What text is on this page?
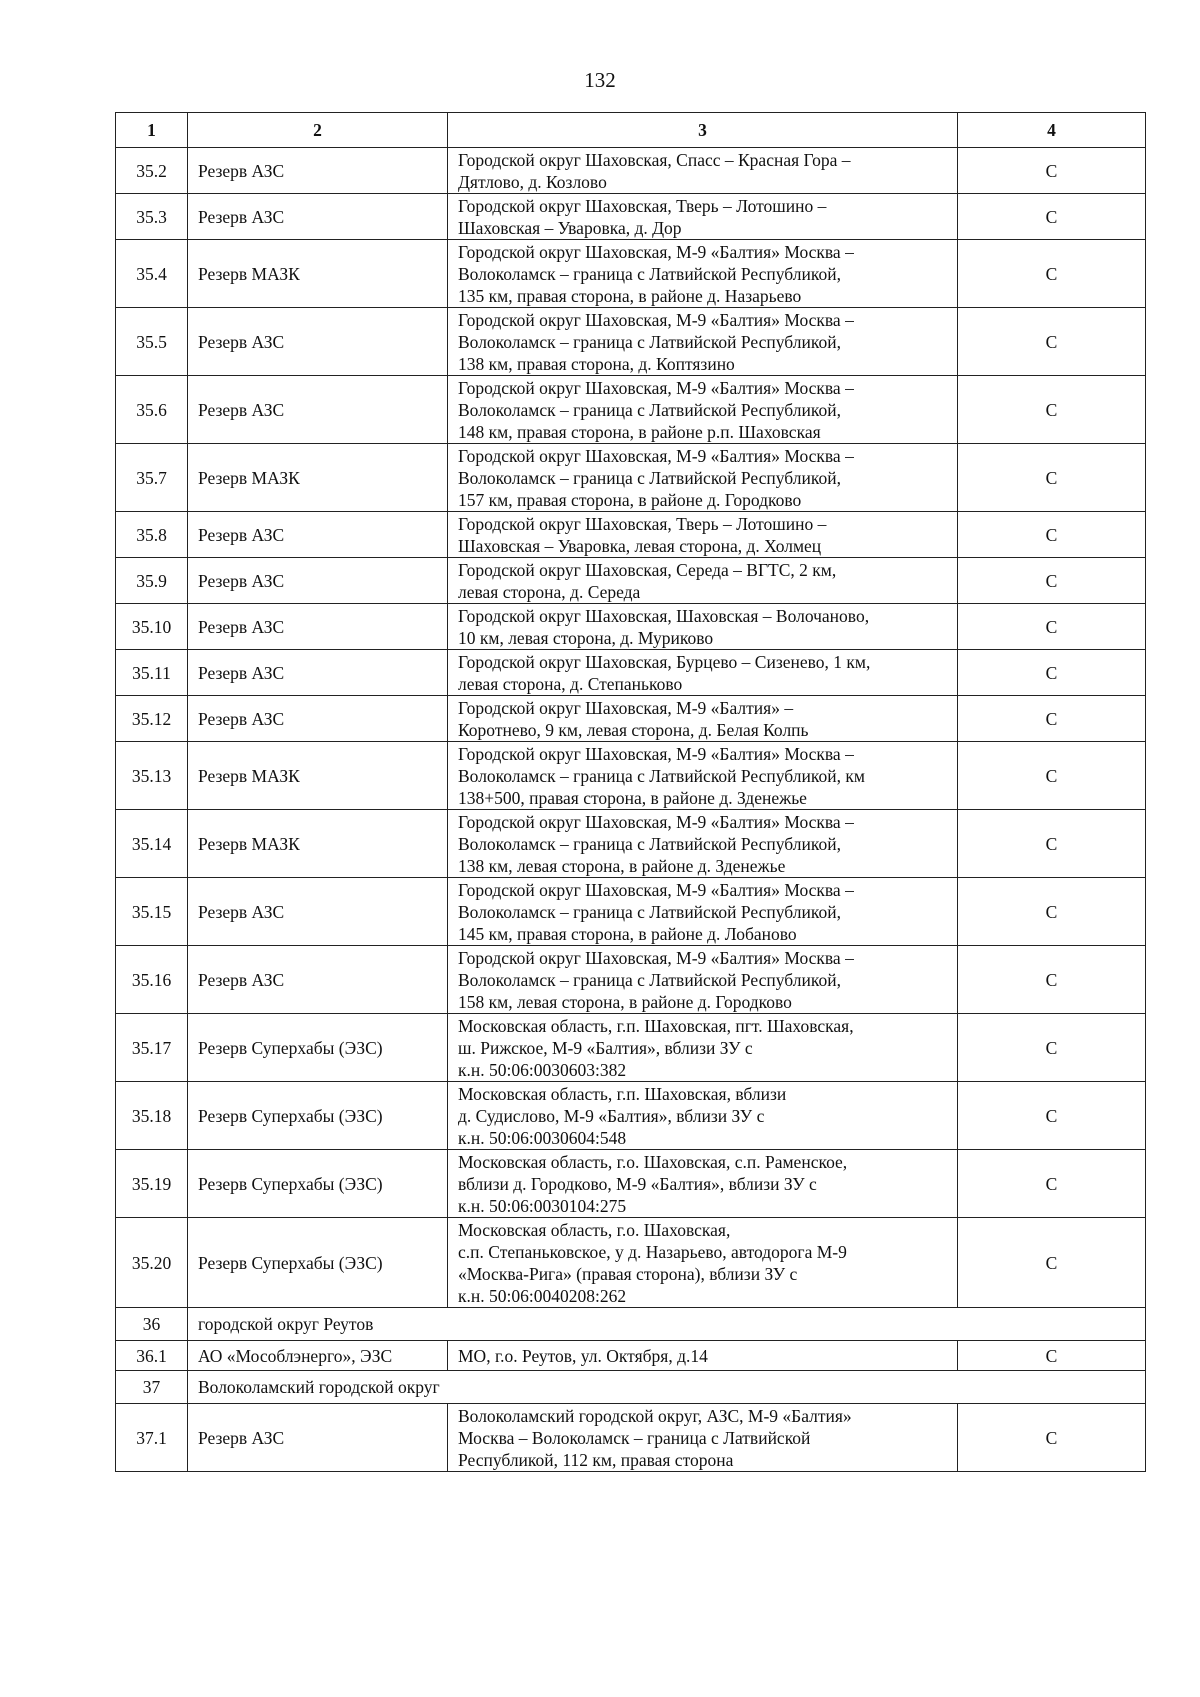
132
1	2	3	4
35.2	Резерв АЗС	Городской округ Шаховская, Спасс – Красная Гора –
Дятлово, д. Козлово	С
35.3	Резерв АЗС	Городской округ Шаховская, Тверь – Лотошино –
Шаховская – Уваровка, д. Дор	С
35.4	Резерв МАЗК	Городской округ Шаховская, М-9 «Балтия» Москва –
Волоколамск – граница с Латвийской Республикой,
135 км, правая сторона, в районе д. Назарьево	С
35.5	Резерв АЗС	Городской округ Шаховская, М-9 «Балтия» Москва –
Волоколамск – граница с Латвийской Республикой,
138 км, правая сторона, д. Коптязино	С
35.6	Резерв АЗС	Городской округ Шаховская, М-9 «Балтия» Москва –
Волоколамск – граница с Латвийской Республикой,
148 км, правая сторона, в районе р.п. Шаховская	С
35.7	Резерв МАЗК	Городской округ Шаховская, М-9 «Балтия» Москва –
Волоколамск – граница с Латвийской Республикой,
157 км, правая сторона, в районе д. Городково	С
35.8	Резерв АЗС	Городской округ Шаховская, Тверь – Лотошино –
Шаховская – Уваровка, левая сторона, д. Холмец	С
35.9	Резерв АЗС	Городской округ Шаховская, Середа – ВГТС, 2 км,
левая сторона, д. Середа	С
35.10	Резерв АЗС	Городской округ Шаховская, Шаховская – Волочаново,
10 км, левая сторона, д. Муриково	С
35.11	Резерв АЗС	Городской округ Шаховская, Бурцево – Сизенево, 1 км,
левая сторона, д. Степаньково	С
35.12	Резерв АЗС	Городской округ Шаховская, М-9 «Балтия» –
Коротнево, 9 км, левая сторона, д. Белая Колпь	С
35.13	Резерв МАЗК	Городской округ Шаховская, М-9 «Балтия» Москва –
Волоколамск – граница с Латвийской Республикой, км
138+500, правая сторона, в районе д. Зденежье	С
35.14	Резерв МАЗК	Городской округ Шаховская, М-9 «Балтия» Москва –
Волоколамск – граница с Латвийской Республикой,
138 км, левая сторона, в районе д. Зденежье	С
35.15	Резерв АЗС	Городской округ Шаховская, М-9 «Балтия» Москва –
Волоколамск – граница с Латвийской Республикой,
145 км, правая сторона, в районе д. Лобаново	С
35.16	Резерв АЗС	Городской округ Шаховская, М-9 «Балтия» Москва –
Волоколамск – граница с Латвийской Республикой,
158 км, левая сторона, в районе д. Городково	С
35.17	Резерв Суперхабы (ЭЗС)	Московская область, г.п. Шаховская, пгт. Шаховская,
ш. Рижское, М-9 «Балтия», вблизи ЗУ с
к.н. 50:06:0030603:382	С
35.18	Резерв Суперхабы (ЭЗС)	Московская область, г.п. Шаховская, вблизи
д. Судислово, М-9 «Балтия», вблизи ЗУ с
к.н. 50:06:0030604:548	С
35.19	Резерв Суперхабы (ЭЗС)	Московская область, г.о. Шаховская, с.п. Раменское,
вблизи д. Городково, М-9 «Балтия», вблизи ЗУ с
к.н. 50:06:0030104:275	С
35.20	Резерв Суперхабы (ЭЗС)	Московская область, г.о. Шаховская,
с.п. Степаньковское, у д. Назарьево, автодорога М-9
«Москва-Рига» (правая сторона), вблизи ЗУ с
к.н. 50:06:0040208:262	С
36	городской округ Реутов		
36.1	АО «Мособлэнерго», ЭЗС	МО, г.о. Реутов, ул. Октября, д.14	С
37	Волоколамский городской округ		
37.1	Резерв АЗС	Волоколамский городской округ, АЗС, М-9 «Балтия»
Москва – Волоколамск – граница с Латвийской
Республикой, 112 км, правая сторона	С
